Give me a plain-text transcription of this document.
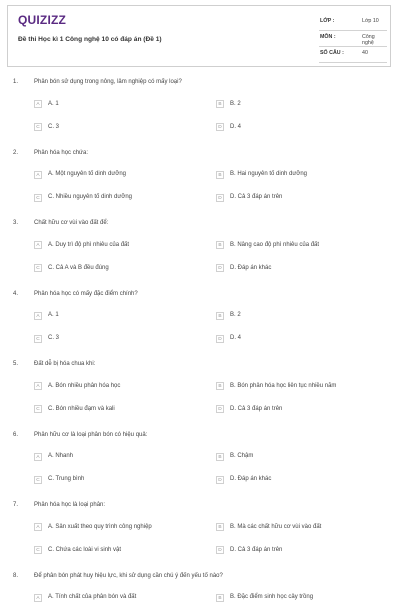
QUIZIZZ
Đề thi Học kì 1 Công nghệ 10 có đáp án (Đề 1)
LỚP :	Lớp 10
MÔN :	Công nghệ
SỐ CÂU :	40
1.	Phân bón sử dụng trong nông, lâm nghiệp có mấy loại?
A	A. 1	B	B. 2
C	C. 3	D	D. 4
2.	Phân hóa học chứa:
A	A. Một nguyên tố dinh dưỡng	B	B. Hai nguyên tố dinh dưỡng
C	C. Nhiều nguyên tố dinh dưỡng	D	D. Cả 3 đáp án trên
3.	Chất hữu cơ vùi vào đất để:
A	A. Duy trì độ phì nhiêu của đất	B	B. Nâng cao độ phì nhiêu của đất
C	C. Cả A và B đều đúng	D	D. Đáp án khác
4.	Phân hóa học có mấy đặc điểm chính?
A	A. 1	B	B. 2
C	C. 3	D	D. 4
5.	Đất dễ bị hóa chua khi:
A	A. Bón nhiều phân hóa học	B	B. Bón phân hóa học liên tục nhiều năm
C	C. Bón nhiều đạm và kali	D	D. Cả 3 đáp án trên
6.	Phân hữu cơ là loại phân bón có hiệu quả:
A	A. Nhanh	B	B. Chậm
C	C. Trung bình	D	D. Đáp án khác
7.	Phân hóa học là loại phân:
A	A. Sản xuất theo quy trình công nghiệp	B	B. Mà các chất hữu cơ vùi vào đất
C	C. Chứa các loài vi sinh vật	D	D. Cả 3 đáp án trên
8.	Để phân bón phát huy hiệu lực, khi sử dụng cần chú ý đến yếu tố nào?
A	A. Tính chất của phân bón và đất	B	B. Đặc điểm sinh học cây trồng
